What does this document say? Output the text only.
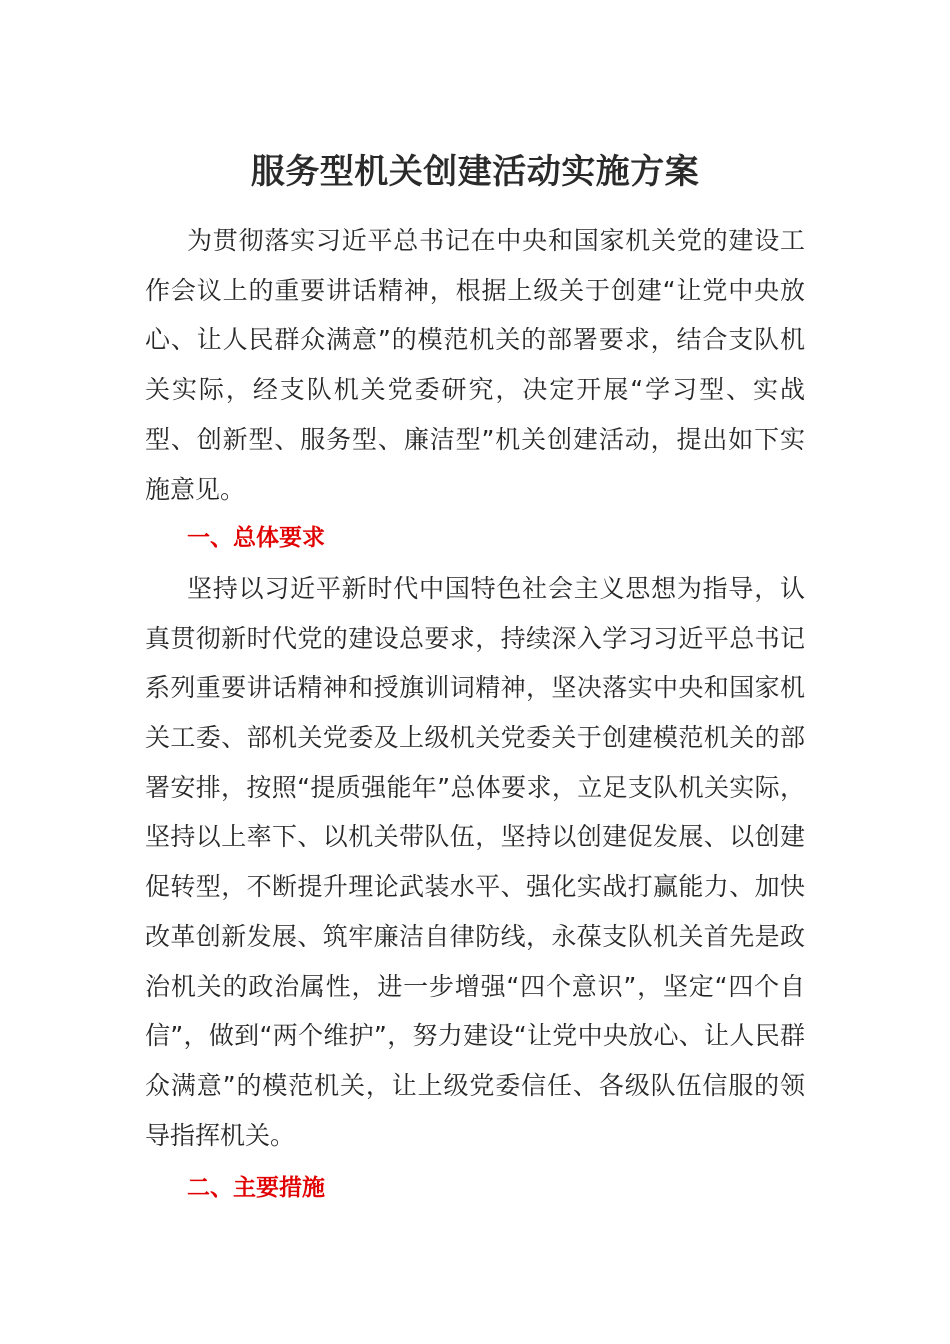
服务型机关创建活动实施方案

为贯彻落实习近平总书记在中央和国家机关党的建设工作会议上的重要讲话精神，根据上级关于创建“让党中央放心、让人民群众满意”的模范机关的部署要求，结合支队机关实际，经支队机关党委研究，决定开展“学习型、实战型、创新型、服务型、廉洁型”机关创建活动，提出如下实施意见。

一、总体要求

坚持以习近平新时代中国特色社会主义思想为指导，认真贯彻新时代党的建设总要求，持续深入学习习近平总书记系列重要讲话精神和授旗训词精神，坚决落实中央和国家机关工委、部机关党委及上级机关党委关于创建模范机关的部署安排，按照“提质强能年”总体要求，立足支队机关实际，坚持以上率下、以机关带队伍，坚持以创建促发展、以创建促转型，不断提升理论武装水平、强化实战打赢能力、加快改革创新发展、筑牢廉洁自律防线，永葆支队机关首先是政治机关的政治属性，进一步增强“四个意识”，坚定“四个自信”，做到“两个维护”，努力建设“让党中央放心、让人民群众满意”的模范机关，让上级党委信任、各级队伍信服的领导指挥机关。

二、主要措施
